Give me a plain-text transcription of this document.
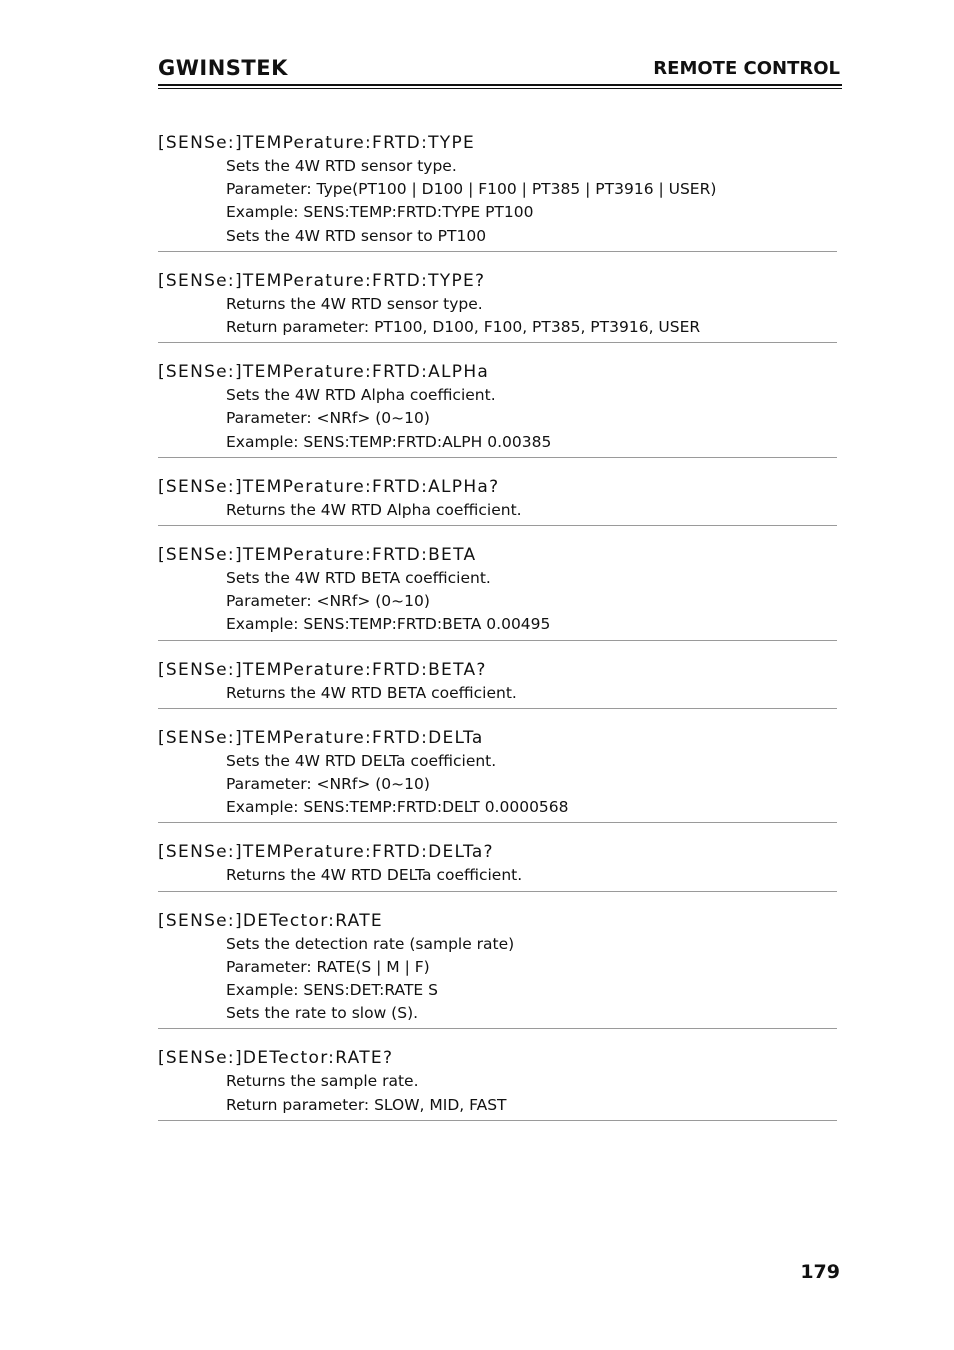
GWINSTEK	REMOTE CONTROL
[SENSe:]TEMPerature:FRTD:TYPE
Sets the 4W RTD sensor type.
Parameter: Type(PT100 | D100 | F100 | PT385 | PT3916 | USER)
Example: SENS:TEMP:FRTD:TYPE PT100
Sets the 4W RTD sensor to PT100
[SENSe:]TEMPerature:FRTD:TYPE?
Returns the 4W RTD sensor type.
Return parameter: PT100, D100, F100, PT385, PT3916, USER
[SENSe:]TEMPerature:FRTD:ALPHa
Sets the 4W RTD Alpha coefficient.
Parameter: <NRf> (0~10)
Example: SENS:TEMP:FRTD:ALPH 0.00385
[SENSe:]TEMPerature:FRTD:ALPHa?
Returns the 4W RTD Alpha coefficient.
[SENSe:]TEMPerature:FRTD:BETA
Sets the 4W RTD BETA coefficient.
Parameter: <NRf> (0~10)
Example: SENS:TEMP:FRTD:BETA 0.00495
[SENSe:]TEMPerature:FRTD:BETA?
Returns the 4W RTD BETA coefficient.
[SENSe:]TEMPerature:FRTD:DELTa
Sets the 4W RTD DELTa coefficient.
Parameter: <NRf> (0~10)
Example: SENS:TEMP:FRTD:DELT 0.0000568
[SENSe:]TEMPerature:FRTD:DELTa?
Returns the 4W RTD DELTa coefficient.
[SENSe:]DETector:RATE
Sets the detection rate (sample rate)
Parameter: RATE(S | M | F)
Example: SENS:DET:RATE S
Sets the rate to slow (S).
[SENSe:]DETector:RATE?
Returns the sample rate.
Return parameter: SLOW, MID, FAST
179
